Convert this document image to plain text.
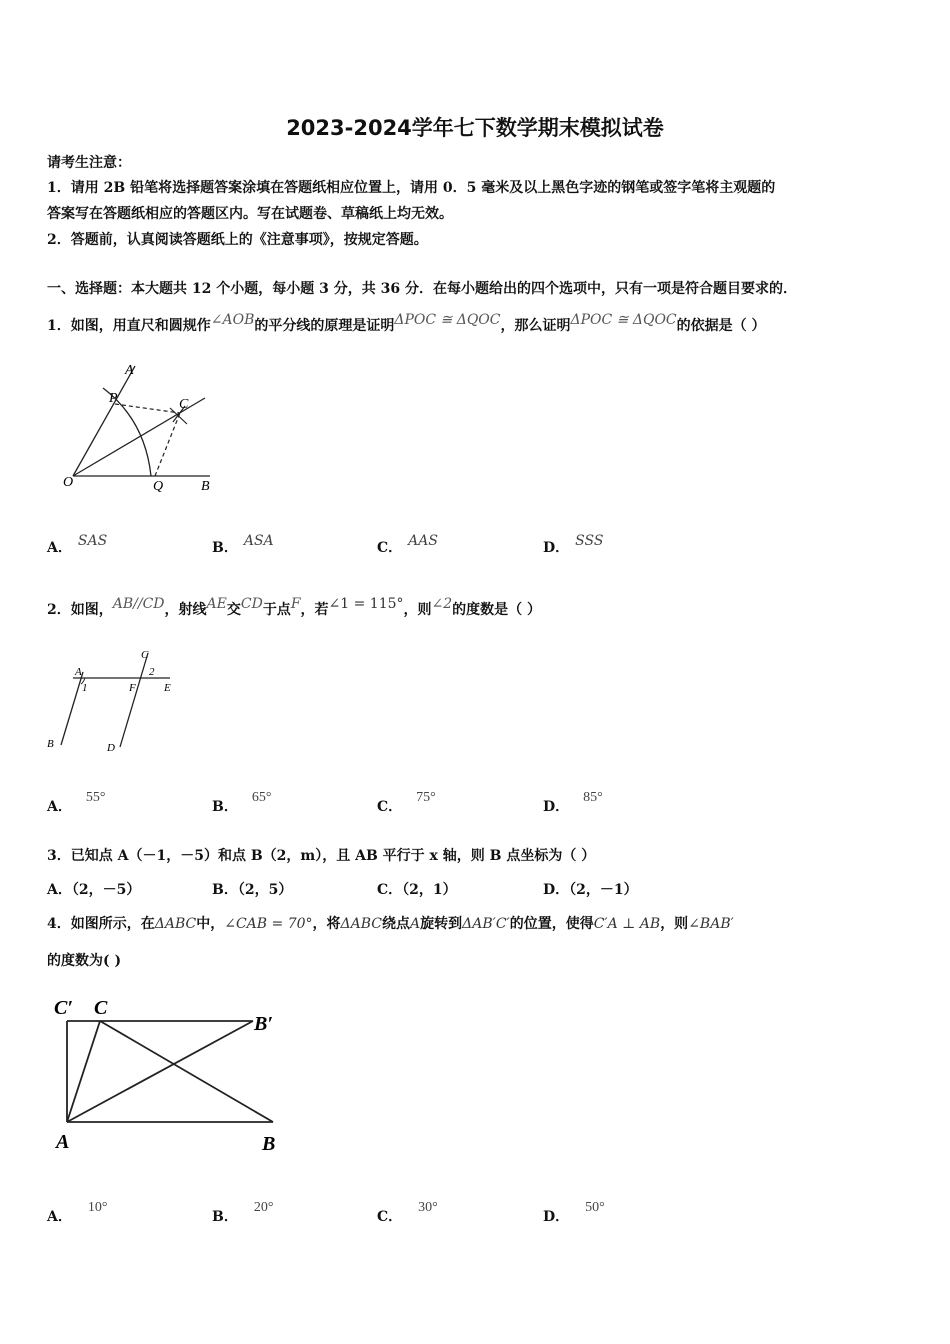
2023-2024学年七下数学期末模拟试卷
请考生注意：
1．请用 2B 铅笔将选择题答案涂填在答题纸相应位置上，请用 0．5 毫米及以上黑色字迹的钢笔或签字笔将主观题的
答案写在答题纸相应的答题区内。写在试题卷、草稿纸上均无效。
2．答题前，认真阅读答题纸上的《注意事项》，按规定答题。
一、选择题：本大题共 12 个小题，每小题 3 分，共 36 分．在每小题给出的四个选项中，只有一项是符合题目要求的．
1．如图，用直尺和圆规作∠AOB的平分线的原理是证明ΔPOC ≅ ΔQOC，那么证明ΔPOC ≅ ΔQOC的依据是（ ）
A
P	C
O	Q	B
A． SAS	B． ASA	C． AAS	D． SSS
2．如图，AB//CD，射线AE交CD于点F，若∠1 = 115°，则∠2的度数是（ ）
A
1
C
2
F	E
B	D
A．55°
B．65°
C．75°
D．85°
3．已知点 A（－1，－5）和点 B（2，m），且 AB 平行于 x 轴，则 B 点坐标为（ ）
A．（2，－5）	B．（2，5）	C．（2，1）	D．（2，－1）
4．如图所示，在ΔABC中，∠CAB = 70°，将ΔABC绕点A旋转到ΔAB′C′的位置，使得C′A ⊥ AB，则∠BAB′
的度数为( )
C′ C
B′
A	B
A．10°
B．20°
C．30°
D．50°
